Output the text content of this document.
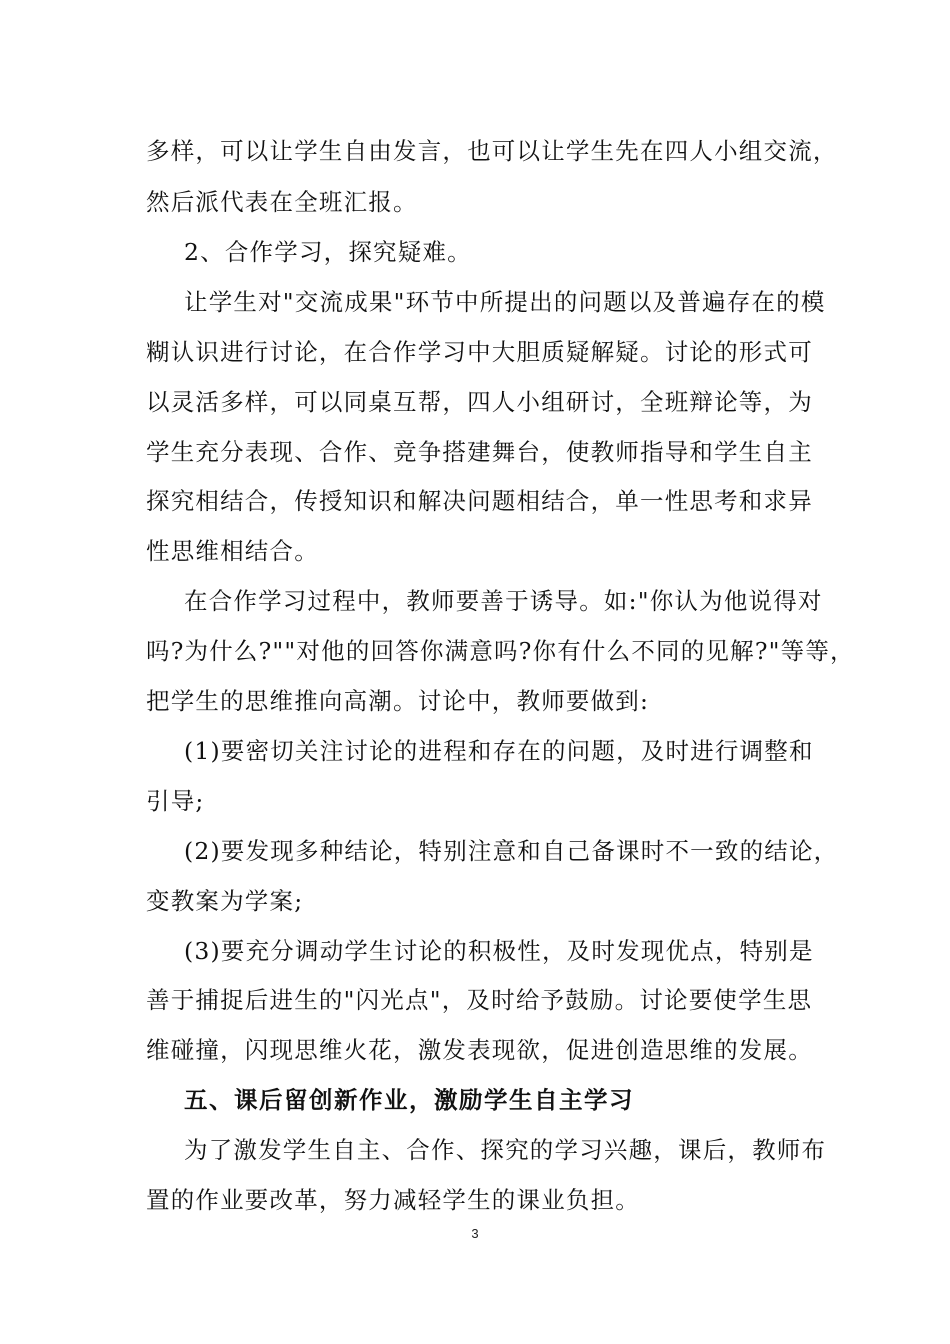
多样，可以让学生自由发言，也可以让学生先在四人小组交流，
然后派代表在全班汇报。
2、合作学习，探究疑难。
让学生对"交流成果"环节中所提出的问题以及普遍存在的模
糊认识进行讨论，在合作学习中大胆质疑解疑。讨论的形式可
以灵活多样，可以同桌互帮，四人小组研讨，全班辩论等，为
学生充分表现、合作、竞争搭建舞台，使教师指导和学生自主
探究相结合，传授知识和解决问题相结合，单一性思考和求异
性思维相结合。
在合作学习过程中，教师要善于诱导。如:"你认为他说得对
吗?为什么?""对他的回答你满意吗?你有什么不同的见解?"等等，
把学生的思维推向高潮。讨论中，教师要做到:
(1)要密切关注讨论的进程和存在的问题，及时进行调整和
引导;
(2)要发现多种结论，特别注意和自己备课时不一致的结论，
变教案为学案;
(3)要充分调动学生讨论的积极性，及时发现优点，特别是
善于捕捉后进生的"闪光点"，及时给予鼓励。讨论要使学生思
维碰撞，闪现思维火花，激发表现欲，促进创造思维的发展。
五、课后留创新作业，激励学生自主学习
为了激发学生自主、合作、探究的学习兴趣，课后，教师布
置的作业要改革，努力减轻学生的课业负担。
3
